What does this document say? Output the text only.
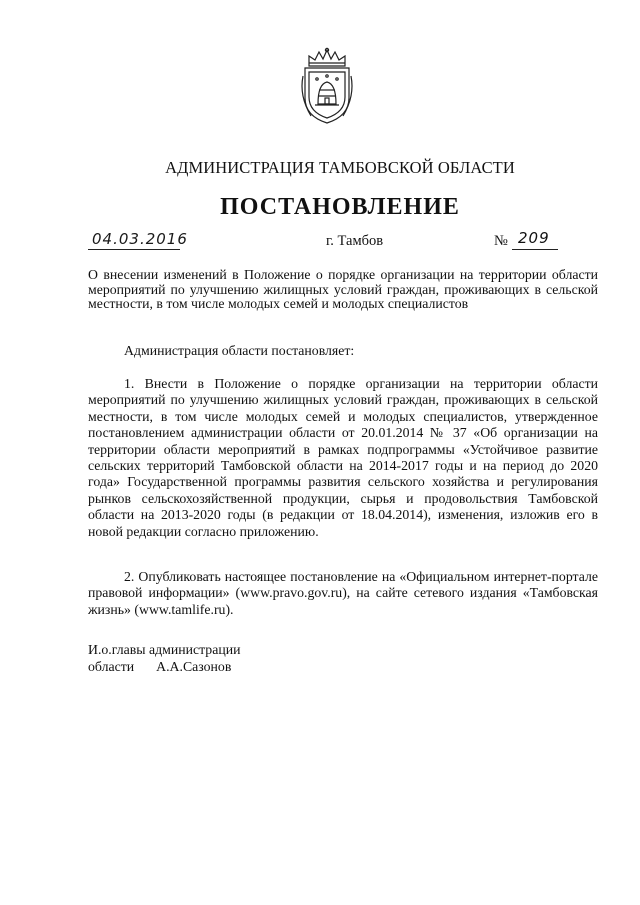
АДМИНИСТРАЦИЯ ТАМБОВСКОЙ ОБЛАСТИ
ПОСТАНОВЛЕНИЕ
04.03.2016	г. Тамбов	№ 209
О внесении изменений в Положение о порядке организации на территории области мероприятий по улучшению жилищных условий граждан, проживающих в сельской местности, в том числе молодых семей и молодых специалистов
Администрация области постановляет:
1. Внести в Положение о порядке организации на территории области мероприятий по улучшению жилищных условий граждан, проживающих в сельской местности, в том числе молодых семей и молодых специалистов, утвержденное постановлением администрации области от 20.01.2014 № 37 «Об организации на территории области мероприятий в рамках подпрограммы «Устойчивое развитие сельских территорий Тамбовской области на 2014-2017 годы и на период до 2020 года» Государственной программы развития сельского хозяйства и регулирования рынков сельскохозяйственной продукции, сырья и продовольствия Тамбовской области на 2013-2020 годы (в редакции от 18.04.2014), изменения, изложив его в новой редакции согласно приложению.
2. Опубликовать настоящее постановление на «Официальном интернет-портале правовой информации» (www.pravo.gov.ru), на сайте сетевого издания «Тамбовская жизнь» (www.tamlife.ru).
И.о.главы администрации
области А.А.Сазонов
